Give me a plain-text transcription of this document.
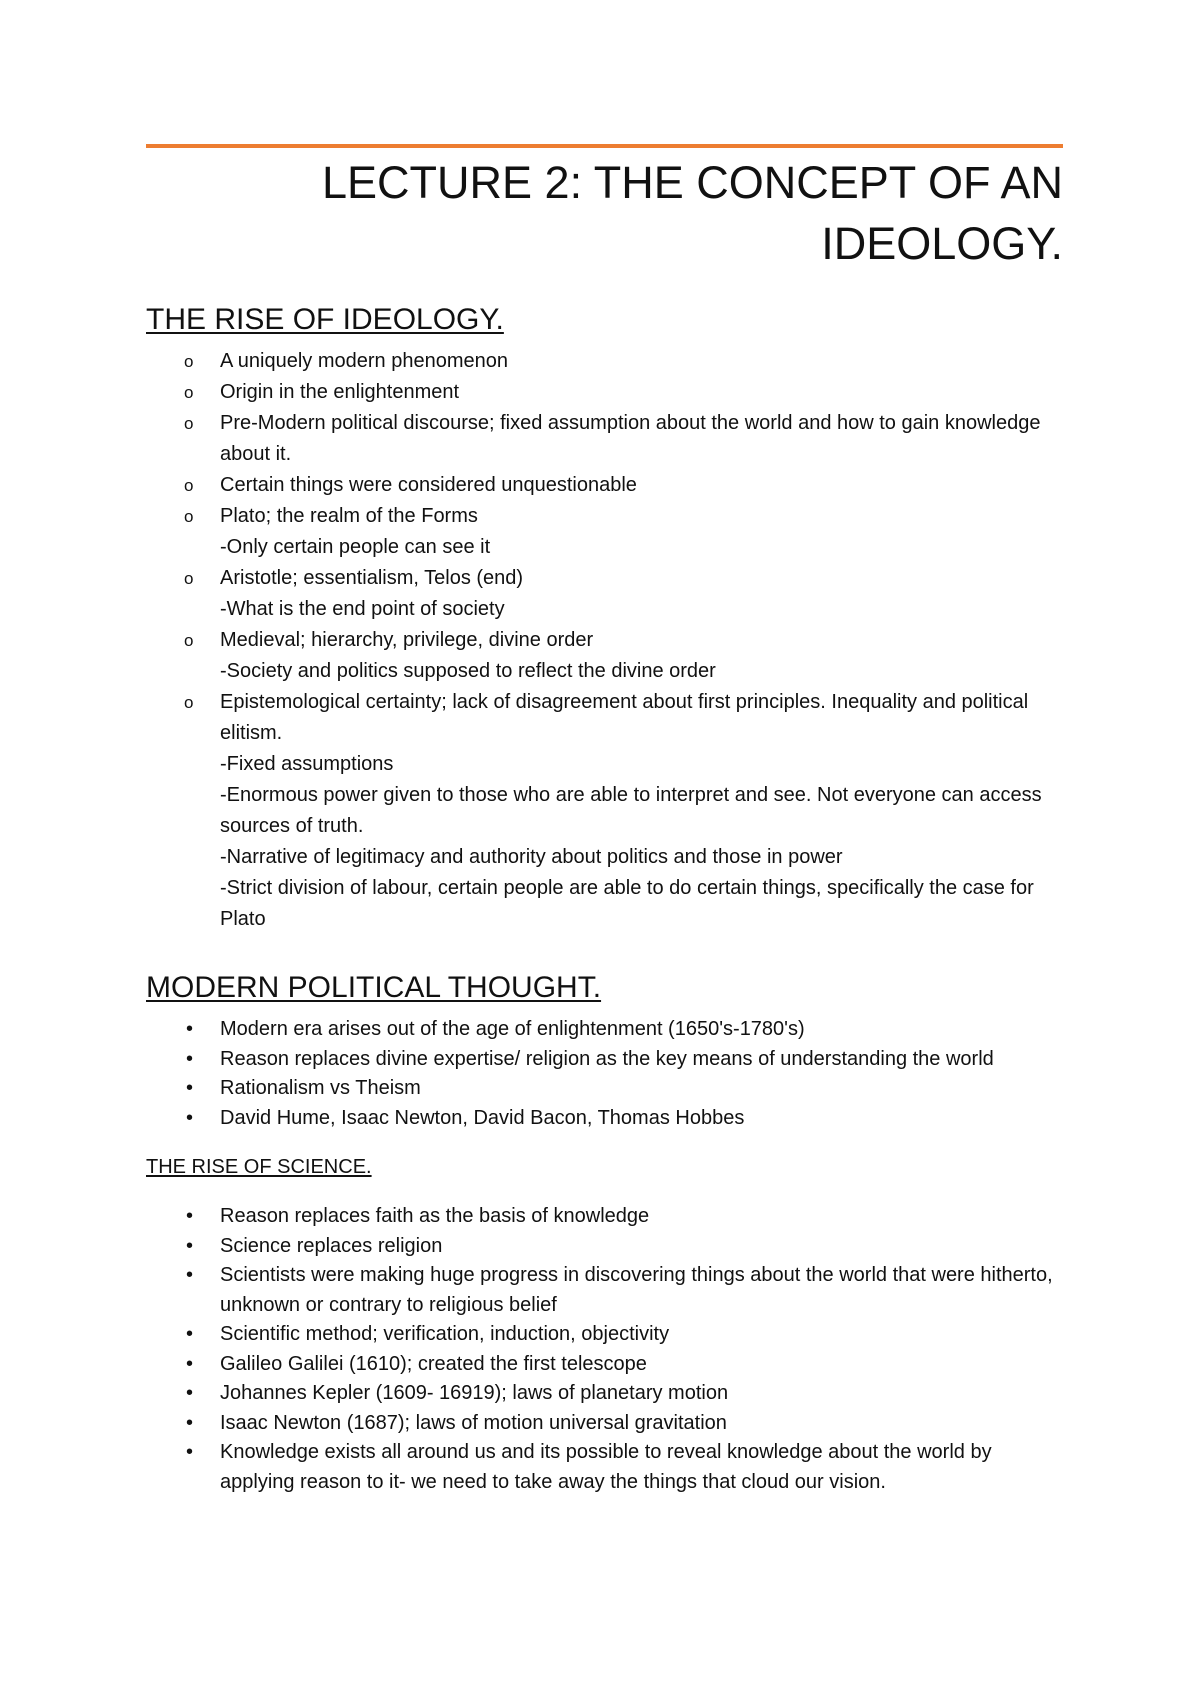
LECTURE 2: THE CONCEPT OF AN
IDEOLOGY.
THE RISE OF IDEOLOGY.
o	A uniquely modern phenomenon
o	Origin in the enlightenment
o	Pre-Modern political discourse; fixed assumption about the world and how to gain knowledge about it.
o	Certain things were considered unquestionable
o	Plato; the realm of the Forms
-Only certain people can see it
o	Aristotle; essentialism, Telos (end)
-What is the end point of society
o	Medieval; hierarchy, privilege, divine order
-Society and politics supposed to reflect the divine order
o	Epistemological certainty; lack of disagreement about first principles. Inequality and political elitism.
-Fixed assumptions
-Enormous power given to those who are able to interpret and see. Not everyone can access sources of truth.
-Narrative of legitimacy and authority about politics and those in power
-Strict division of labour, certain people are able to do certain things, specifically the case for Plato
MODERN POLITICAL THOUGHT.
•	Modern era arises out of the age of enlightenment (1650's-1780's)
•	Reason replaces divine expertise/ religion as the key means of understanding the world
•	Rationalism vs Theism
•	David Hume, Isaac Newton, David Bacon, Thomas Hobbes
THE RISE OF SCIENCE.
•	Reason replaces faith as the basis of knowledge
•	Science replaces religion
•	Scientists were making huge progress in discovering things about the world that were hitherto, unknown or contrary to religious belief
•	Scientific method; verification, induction, objectivity
•	Galileo Galilei (1610); created the first telescope
•	Johannes Kepler (1609- 16919); laws of planetary motion
•	Isaac Newton (1687); laws of motion universal gravitation
•	Knowledge exists all around us and its possible to reveal knowledge about the world by applying reason to it- we need to take away the things that cloud our vision.
